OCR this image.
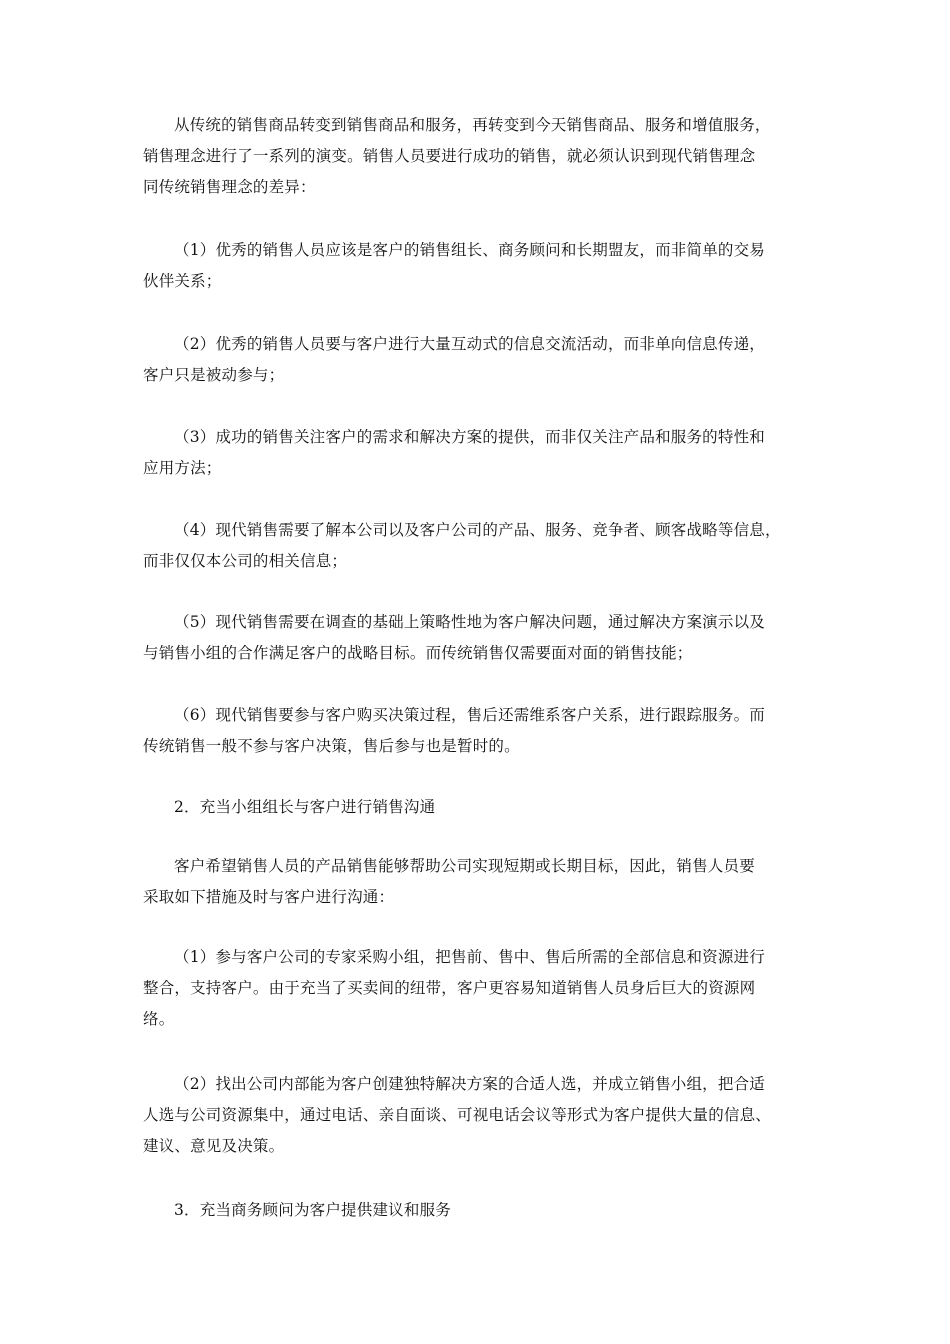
从传统的销售商品转变到销售商品和服务，再转变到今天销售商品、服务和增值服务，
销售理念进行了一系列的演变。销售人员要进行成功的销售，就必须认识到现代销售理念
同传统销售理念的差异：
（1）优秀的销售人员应该是客户的销售组长、商务顾问和长期盟友，而非简单的交易
伙伴关系；
（2）优秀的销售人员要与客户进行大量互动式的信息交流活动，而非单向信息传递，
客户只是被动参与；
（3）成功的销售关注客户的需求和解决方案的提供，而非仅关注产品和服务的特性和
应用方法；
（4）现代销售需要了解本公司以及客户公司的产品、服务、竞争者、顾客战略等信息，
而非仅仅本公司的相关信息；
（5）现代销售需要在调查的基础上策略性地为客户解决问题，通过解决方案演示以及
与销售小组的合作满足客户的战略目标。而传统销售仅需要面对面的销售技能；
（6）现代销售要参与客户购买决策过程，售后还需维系客户关系，进行跟踪服务。而
传统销售一般不参与客户决策，售后参与也是暂时的。
2．充当小组组长与客户进行销售沟通
客户希望销售人员的产品销售能够帮助公司实现短期或长期目标，因此，销售人员要
采取如下措施及时与客户进行沟通：
（1）参与客户公司的专家采购小组，把售前、售中、售后所需的全部信息和资源进行
整合，支持客户。由于充当了买卖间的纽带，客户更容易知道销售人员身后巨大的资源网
络。
（2）找出公司内部能为客户创建独特解决方案的合适人选，并成立销售小组，把合适
人选与公司资源集中，通过电话、亲自面谈、可视电话会议等形式为客户提供大量的信息、
建议、意见及决策。
3．充当商务顾问为客户提供建议和服务
